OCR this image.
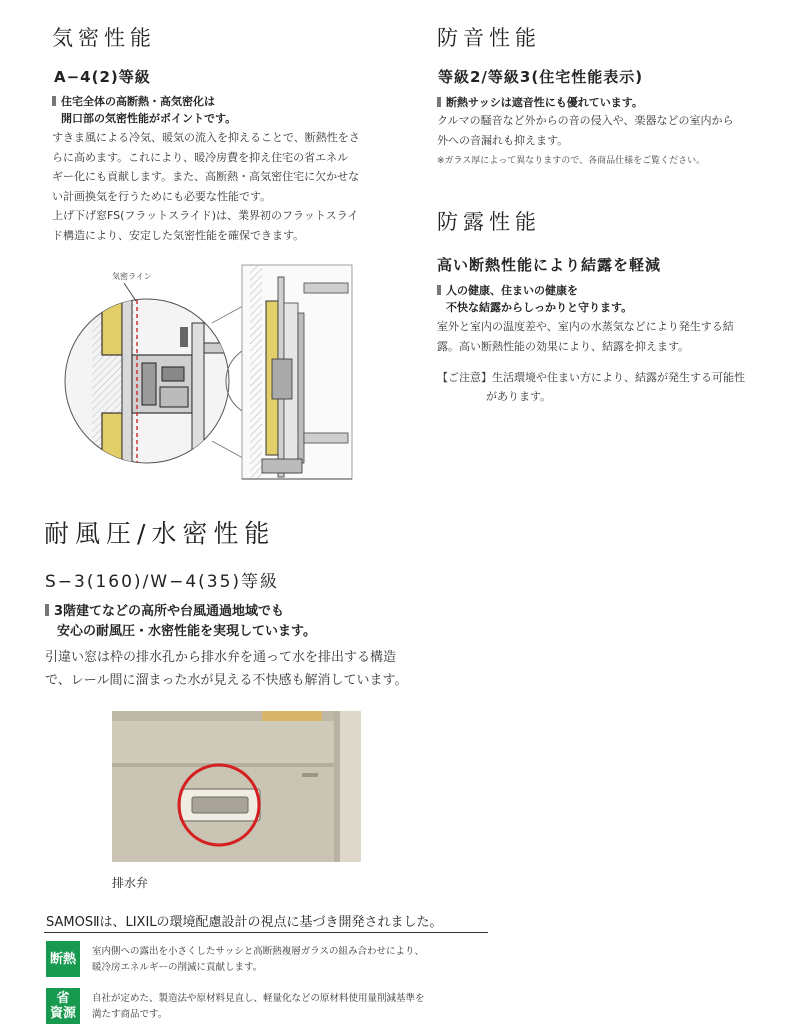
気密性能
A−4(2)等級
住宅全体の高断熱・高気密化は
開口部の気密性能がポイントです。

すきま風による冷気、暖気の流入を抑えることで、断熱性をさ

らに高めます。これにより、暖冷房費を抑え住宅の省エネル

ギー化にも貢献します。また、高断熱・高気密住宅に欠かせな

い計画換気を行うためにも必要な性能です。

上げ下げ窓FS(フラットスライド)は、業界初のフラットスライ

ド構造により、安定した気密性能を確保できます。

気密ライン
防音性能
等級2/等級3(住宅性能表示)
断熱サッシは遮音性にも優れています。

クルマの騒音など外からの音の侵入や、楽器などの室内から

外への音漏れも抑えます。

※ガラス厚によって異なりますので、各商品仕様をご覧ください。
防露性能
高い断熱性能により結露を軽減
人の健康、住まいの健康を
不快な結露からしっかりと守ります。

室外と室内の温度差や、室内の水蒸気などにより発生する結

露。高い断熱性能の効果により、結露を抑えます。

【ご注意】生活環境や住まい方により、結露が発生する可能性
があります。
耐風圧/水密性能
S−3(160)/W−4(35)等級
3階建てなどの高所や台風通過地域でも
安心の耐風圧・水密性能を実現しています。

引違い窓は枠の排水孔から排水弁を通って水を排出する構造

で、レール間に溜まった水が見える不快感も解消しています。

排水弁
SAMOSⅡは、LIXILの環境配慮設計の視点に基づき開発されました。
断熱	室内側への露出を小さくしたサッシと高断熱複層ガラスの組み合わせにより、
暖冷房エネルギーの削減に貢献します。
省
資源
自社が定めた、製造法や原材料見直し、軽量化などの原材料使用量削減基準を
満たす商品です。
